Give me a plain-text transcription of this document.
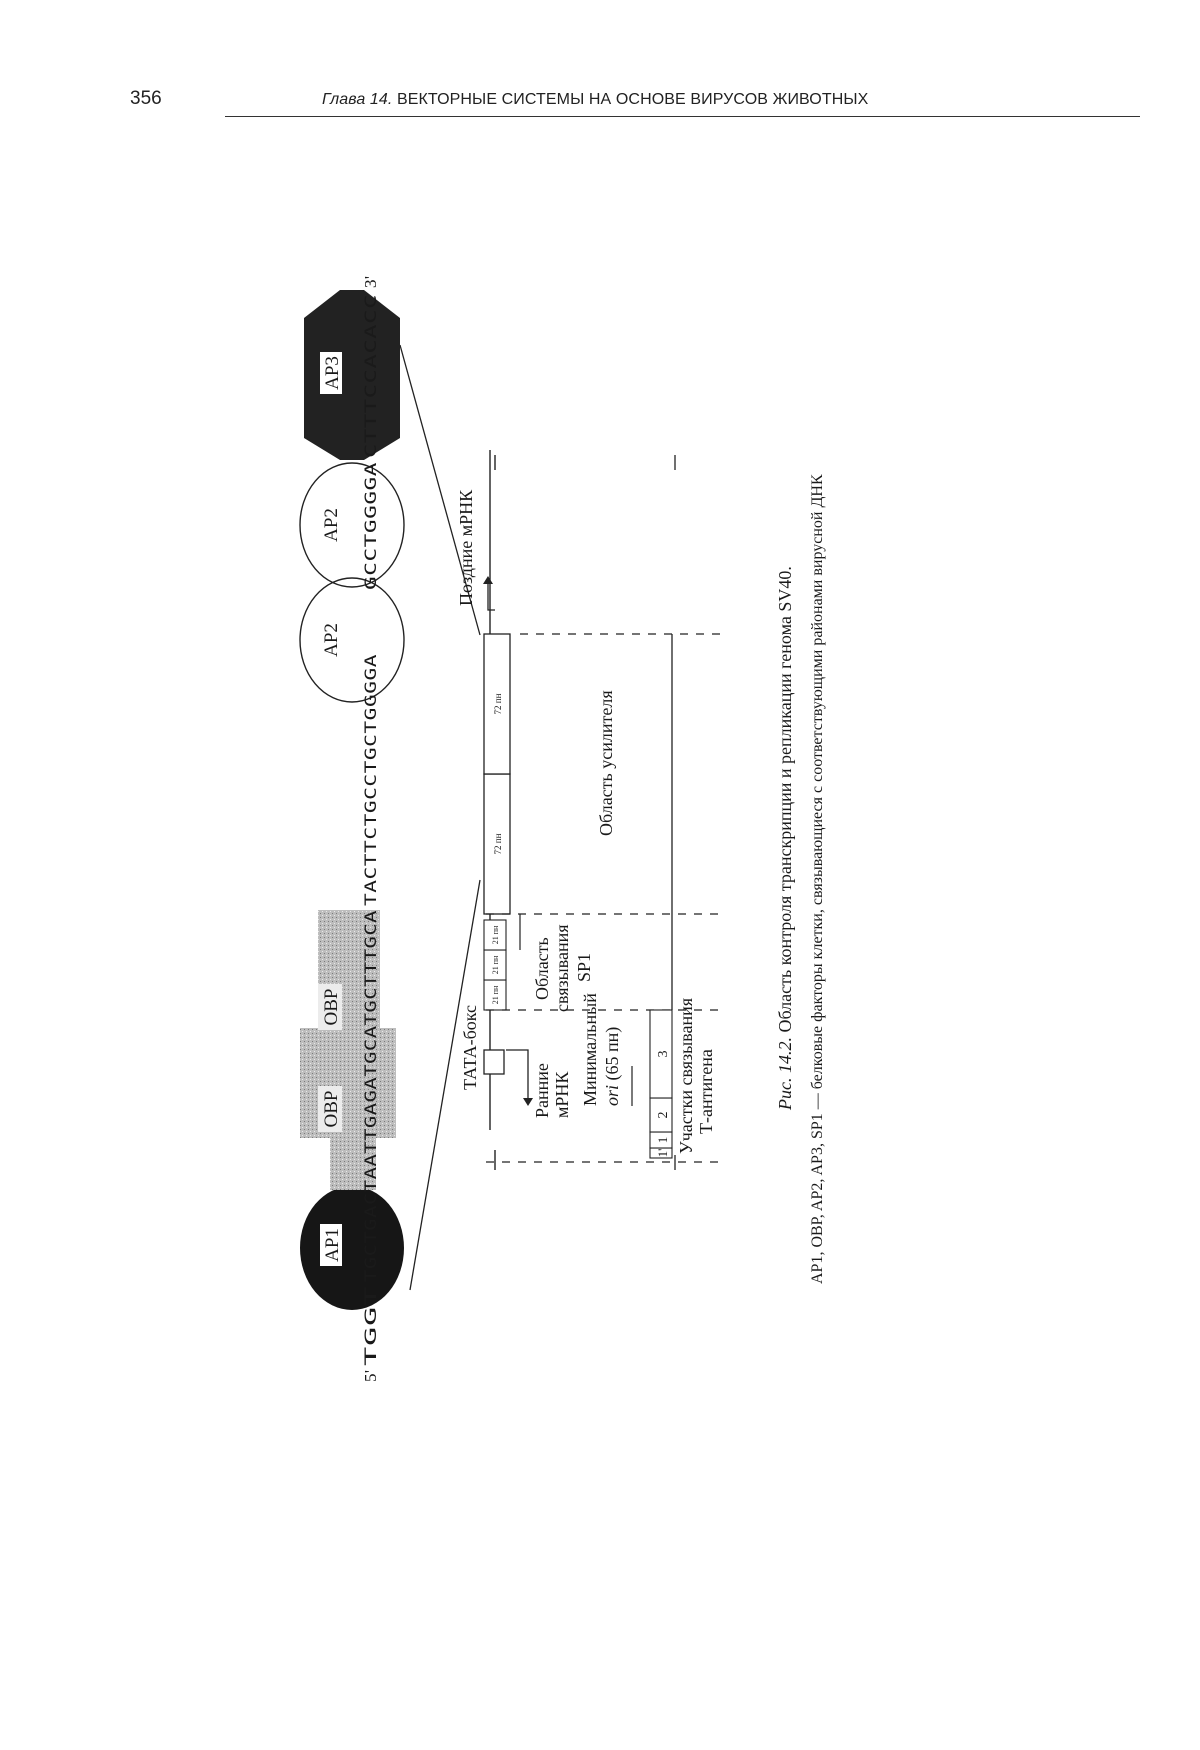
356	Глава 14. ВЕКТОРНЫЕ СИСТЕМЫ НА ОСНОВЕ ВИРУСОВ ЖИВОТНЫХ
AP1
OBP
OBP
AP2
AP2
AP3
5'
TGGT
TGCTGACTAATTGAGATGCATGCTTTGCA
TACTTCTGCCTGCTGGGGA
GCCTGGGGA
CTTTCCACACC
3'
Поздние мРНК
ТАТА-бокс
Ранние мРНК
21 пн
21 пн
21 пн
72 пн
72 пн
Область связывания SP1
Минимальный ori (65 пн)
Область усилителя
1'
1
2
3 Участки связывания Т-антигена	Рис. 14.2. Область контроля транскрипции и репликации генома SV40. AP1, OBP, AP2, AP3, SP1 — белковые факторы клетки, связывающиеся с соответствующими районами вирусной ДНК
